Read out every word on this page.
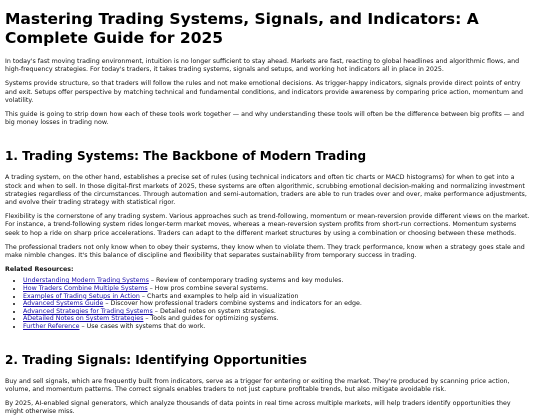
Mastering Trading Systems, Signals, and Indicators: A Complete Guide for 2025

In today's fast moving trading environment, intuition is no longer sufficient to stay ahead. Markets are fast, reacting to global headlines and algorithmic flows, and high-frequency strategies. For today's traders, it takes trading systems, signals and setups, and working hot indicators all in place in 2025.

Systems provide structure, so that traders will follow the rules and not make emotional decisions. As trigger-happy indicators, signals provide direct points of entry and exit. Setups offer perspective by matching technical and fundamental conditions, and indicators provide awareness by comparing price action, momentum and volatility.

This guide is going to strip down how each of these tools work together — and why understanding these tools will often be the difference between big profits — and big money losses in trading now.

1. Trading Systems: The Backbone of Modern Trading

A trading system, on the other hand, establishes a precise set of rules (using technical indicators and often tic charts or MACD histograms) for when to get into a stock and when to sell. In those digital-first markets of 2025, these systems are often algorithmic, scrubbing emotional decision-making and normalizing investment strategies regardless of the circumstances. Through automation and semi-automation, traders are able to run trades over and over, make performance adjustments, and evolve their trading strategy with statistical rigor.

Flexibility is the cornerstone of any trading system. Various approaches such as trend-following, momentum or mean-reversion provide different views on the market. For instance, a trend-following system rides longer-term market moves, whereas a mean-reversion system profits from short-run corrections. Momentum systems seek to hop a ride on sharp price accelerations. Traders can adapt to the different market structures by using a combination or choosing between these methods.

The professional traders not only know when to obey their systems, they know when to violate them. They track performance, know when a strategy goes stale and make nimble changes. It's this balance of discipline and flexibility that separates sustainability from temporary success in trading.

Related Resources:
• Understanding Modern Trading Systems – Review of contemporary trading systems and key modules.
• How Traders Combine Multiple Systems – How pros combine several systems.
• Examples of Trading Setups in Action – Charts and examples to help aid in visualization
• Advanced Systems Guide – Discover how professional traders combine systems and indicators for an edge.
• Advanced Strategies for Trading Systems – Detailed notes on system strategies.
• ADetailed Notes on System Strategies – Tools and guides for optimizing systems.
• Further Reference – Use cases with systems that do work.
2. Trading Signals: Identifying Opportunities

Buy and sell signals, which are frequently built from indicators, serve as a trigger for entering or exiting the market. They're produced by scanning price action, volume, and momentum patterns. The correct signals enables traders to not just capture profitable trends, but also mitigate avoidable risk.

By 2025, AI-enabled signal generators, which analyze thousands of data points in real time across multiple markets, will help traders identify opportunities they might otherwise miss.
